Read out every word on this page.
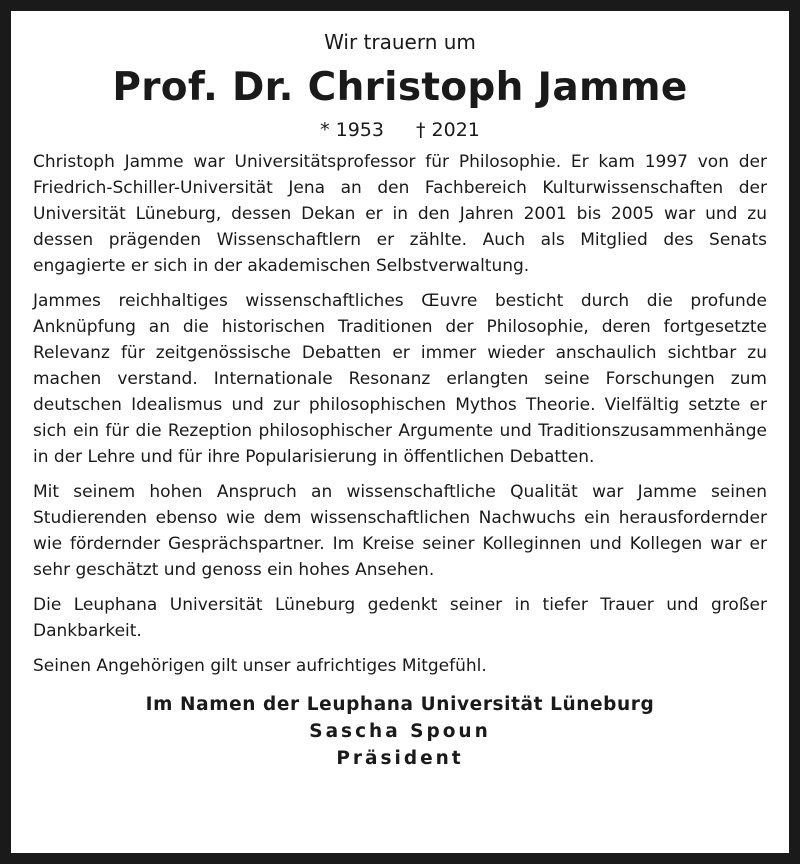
Wir trauern um

Prof. Dr. Christoph Jamme

* 1953 † 2021

Christoph Jamme war Universitätsprofessor für Philosophie. Er kam 1997 von der Friedrich-Schiller-Universität Jena an den Fachbereich Kulturwissenschaften der Universität Lüneburg, dessen Dekan er in den Jahren 2001 bis 2005 war und zu dessen prägenden Wissenschaftlern er zählte. Auch als Mitglied des Senats engagierte er sich in der akademischen Selbstverwaltung.

Jammes reichhaltiges wissenschaftliches Œuvre besticht durch die profunde Anknüpfung an die historischen Traditionen der Philosophie, deren fortgesetzte Relevanz für zeitgenössische Debatten er immer wieder anschaulich sichtbar zu machen verstand. Internationale Resonanz erlangten seine Forschungen zum deutschen Idealismus und zur philosophischen Mythos Theorie. Vielfältig setzte er sich ein für die Rezeption philosophischer Argumente und Traditionszusammenhänge in der Lehre und für ihre Popularisierung in öffentlichen Debatten.

Mit seinem hohen Anspruch an wissenschaftliche Qualität war Jamme seinen Studierenden ebenso wie dem wissenschaftlichen Nachwuchs ein herausfordernder wie fördernder Gesprächspartner. Im Kreise seiner Kolleginnen und Kollegen war er sehr geschätzt und genoss ein hohes Ansehen.

Die Leuphana Universität Lüneburg gedenkt seiner in tiefer Trauer und großer Dankbarkeit.

Seinen Angehörigen gilt unser aufrichtiges Mitgefühl.

Im Namen der Leuphana Universität Lüneburg

Sascha Spoun

Präsident
